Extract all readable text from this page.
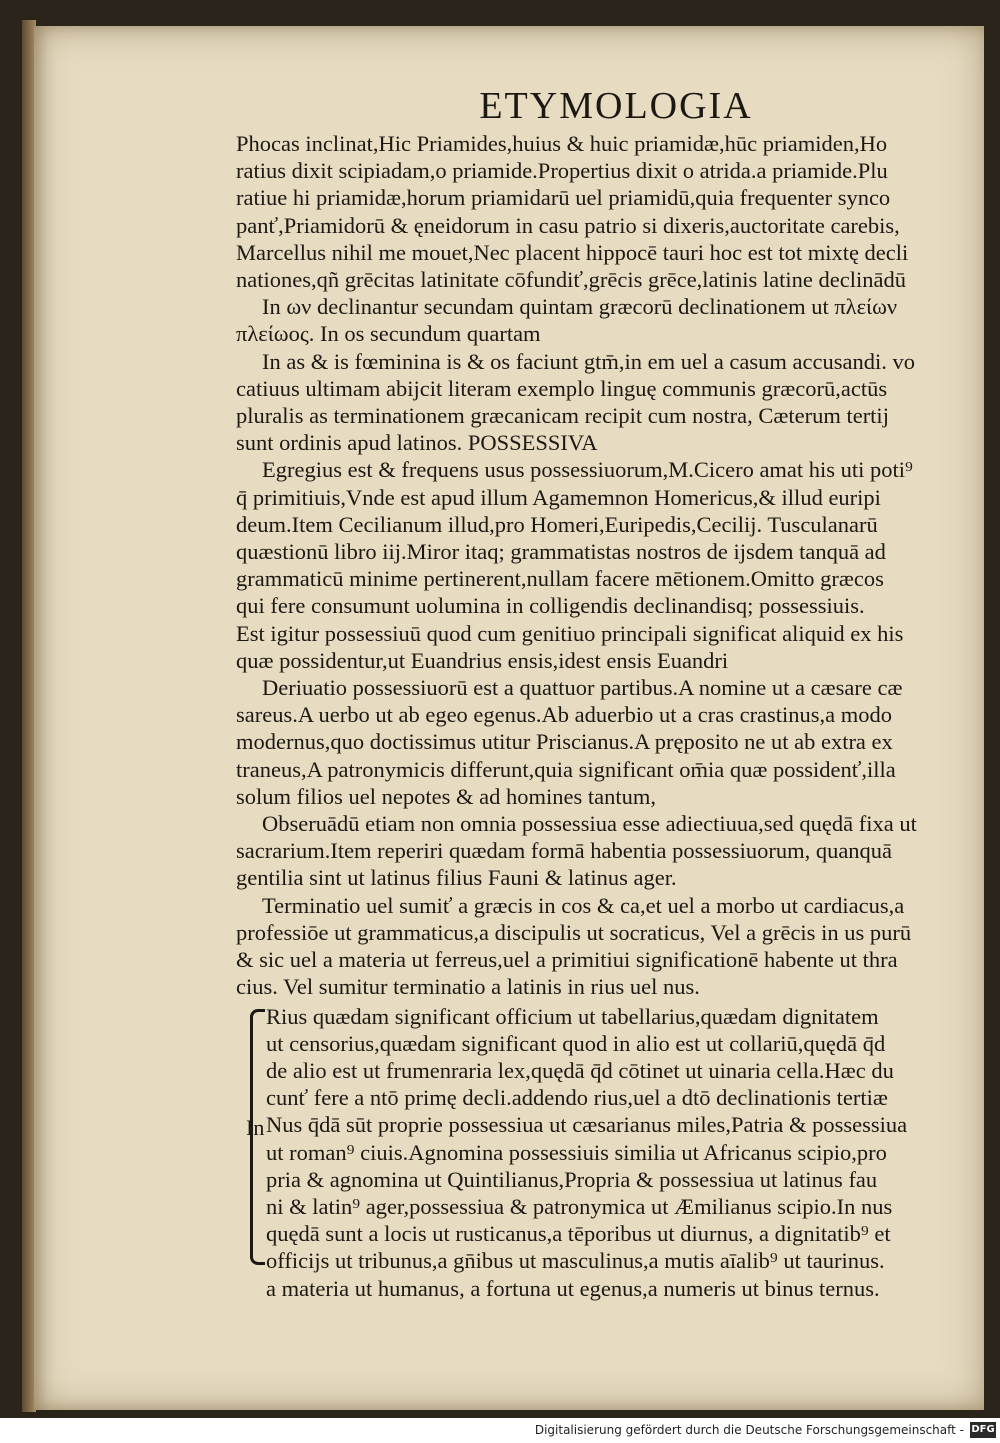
ETYMOLOGIA
Phocas inclinat,Hic Priamides,huius & huic priamidæ,hūc priamiden,Ho
ratius dixit scipiadam,o priamide.Propertius dixit o atrida.a priamide.Plu
ratiue hi priamidæ,horum priamidarū uel priamidū,quia frequenter synco
panť,Priamidorū & ęneidorum in casu patrio si dixeris,auctoritate carebis,
Marcellus nihil me mouet,Nec placent hippocē tauri hoc est tot mixtę decli
nationes,qñ grēcitas latinitate cōfundiť,grēcis grēce,latinis latine declinādū
In ων declinantur secundam quintam græcorū declinationem ut πλείων
πλείωος. In os secundum quartam
In as & is fœminina is & os faciunt gtm̄,in em uel a casum accusandi. vo
catiuus ultimam abijcit literam exemplo linguę communis græcorū,actūs
pluralis as terminationem græcanicam recipit cum nostra, Cæterum tertij
sunt ordinis apud latinos. POSSESSIVA
Egregius est & frequens usus possessiuorum,M.Cicero amat his uti poti⁹
q̄ primitiuis,Vnde est apud illum Agamemnon Homericus,& illud euripi
deum.Item Cecilianum illud,pro Homeri,Euripedis,Cecilij. Tusculanarū
quæstionū libro iij.Miror itaq; grammatistas nostros de ijsdem tanquā ad
grammaticū minime pertinerent,nullam facere mētionem.Omitto græcos
qui fere consumunt uolumina in colligendis declinandisq; possessiuis.
Est igitur possessiuū quod cum genitiuo principali significat aliquid ex his
quæ possidentur,ut Euandrius ensis,idest ensis Euandri
Deriuatio possessiuorū est a quattuor partibus.A nomine ut a cæsare cæ
sareus.A uerbo ut ab egeo egenus.Ab aduerbio ut a cras crastinus,a modo
modernus,quo doctissimus utitur Priscianus.A pręposito ne ut ab extra ex
traneus,A patronymicis differunt,quia significant om̄ia quæ possidenť,illa
solum filios uel nepotes & ad homines tantum,
Obseruādū etiam non omnia possessiua esse adiectiuua,sed quędā fixa ut
sacrarium.Item reperiri quædam formā habentia possessiuorum, quanquā
gentilia sint ut latinus filius Fauni & latinus ager.
Terminatio uel sumiť a græcis in cos & ca,et uel a morbo ut cardiacus,a
professiōe ut grammaticus,a discipulis ut socraticus, Vel a grēcis in us purū
& sic uel a materia ut ferreus,uel a primitiui significationē habente ut thra
cius. Vel sumitur terminatio a latinis in rius uel nus.
In
Rius quædam significant officium ut tabellarius,quædam dignitatem
ut censorius,quædam significant quod in alio est ut collariū,quędā q̄d
de alio est ut frumenraria lex,quędā q̄d cōtinet ut uinaria cella.Hæc du
cunť fere a ntō primę decli.addendo rius,uel a dtō declinationis tertiæ
Nus q̄dā sūt proprie possessiua ut cæsarianus miles,Patria & possessiua
ut roman⁹ ciuis.Agnomina possessiuis similia ut Africanus scipio,pro
pria & agnomina ut Quintilianus,Propria & possessiua ut latinus fau
ni & latin⁹ ager,possessiua & patronymica ut Æmilianus scipio.In nus
quędā sunt a locis ut rusticanus,a tēporibus ut diurnus, a dignitatib⁹ et
officijs ut tribunus,a gn̄ibus ut masculinus,a mutis aīalib⁹ ut taurinus.
a materia ut humanus, a fortuna ut egenus,a numeris ut binus ternus.
Digitalisierung gefördert durch die Deutsche Forschungsgemeinschaft - DFG
